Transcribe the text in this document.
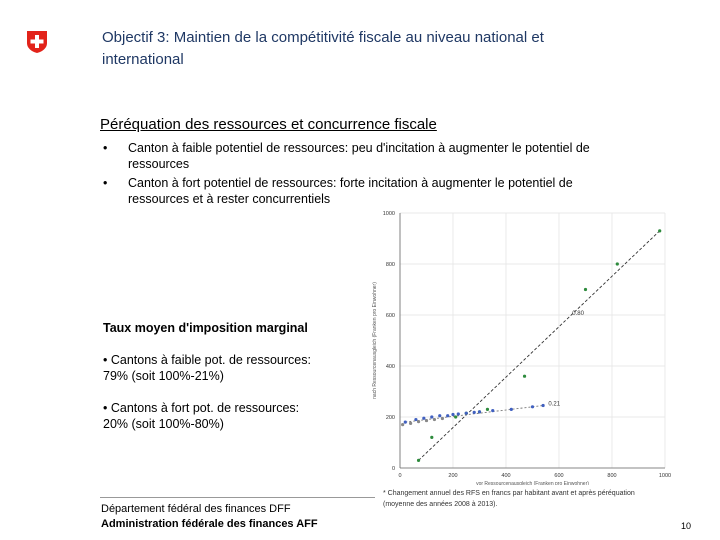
Objectif 3: Maintien de la compétitivité fiscale au niveau national et
international
Péréquation des ressources et concurrence fiscale
• Canton à faible potentiel de ressources: peu d'incitation à augmenter le potentiel de
ressources
• Canton à fort potentiel de ressources: forte incitation à augmenter le potentiel de
ressources et à rester concurrentiels
0
200
400
600
800
1000
0	200	400	600	800	1000
vor Ressourcenausgleich (Franken pro Einwohner)
nach Ressourcenausgleich (Franken pro Einwohner)	0.80
0.21
Taux moyen d'imposition marginal
• Cantons à faible pot. de ressources:
79% (soit 100%-21%)
• Cantons à fort pot. de ressources:
20% (soit 100%-80%)
* Changement annuel des RFS en francs par habitant avant et après péréquation
(moyenne des années 2008 à 2013).
Département fédéral des finances DFF
Administration fédérale des finances AFF	10
